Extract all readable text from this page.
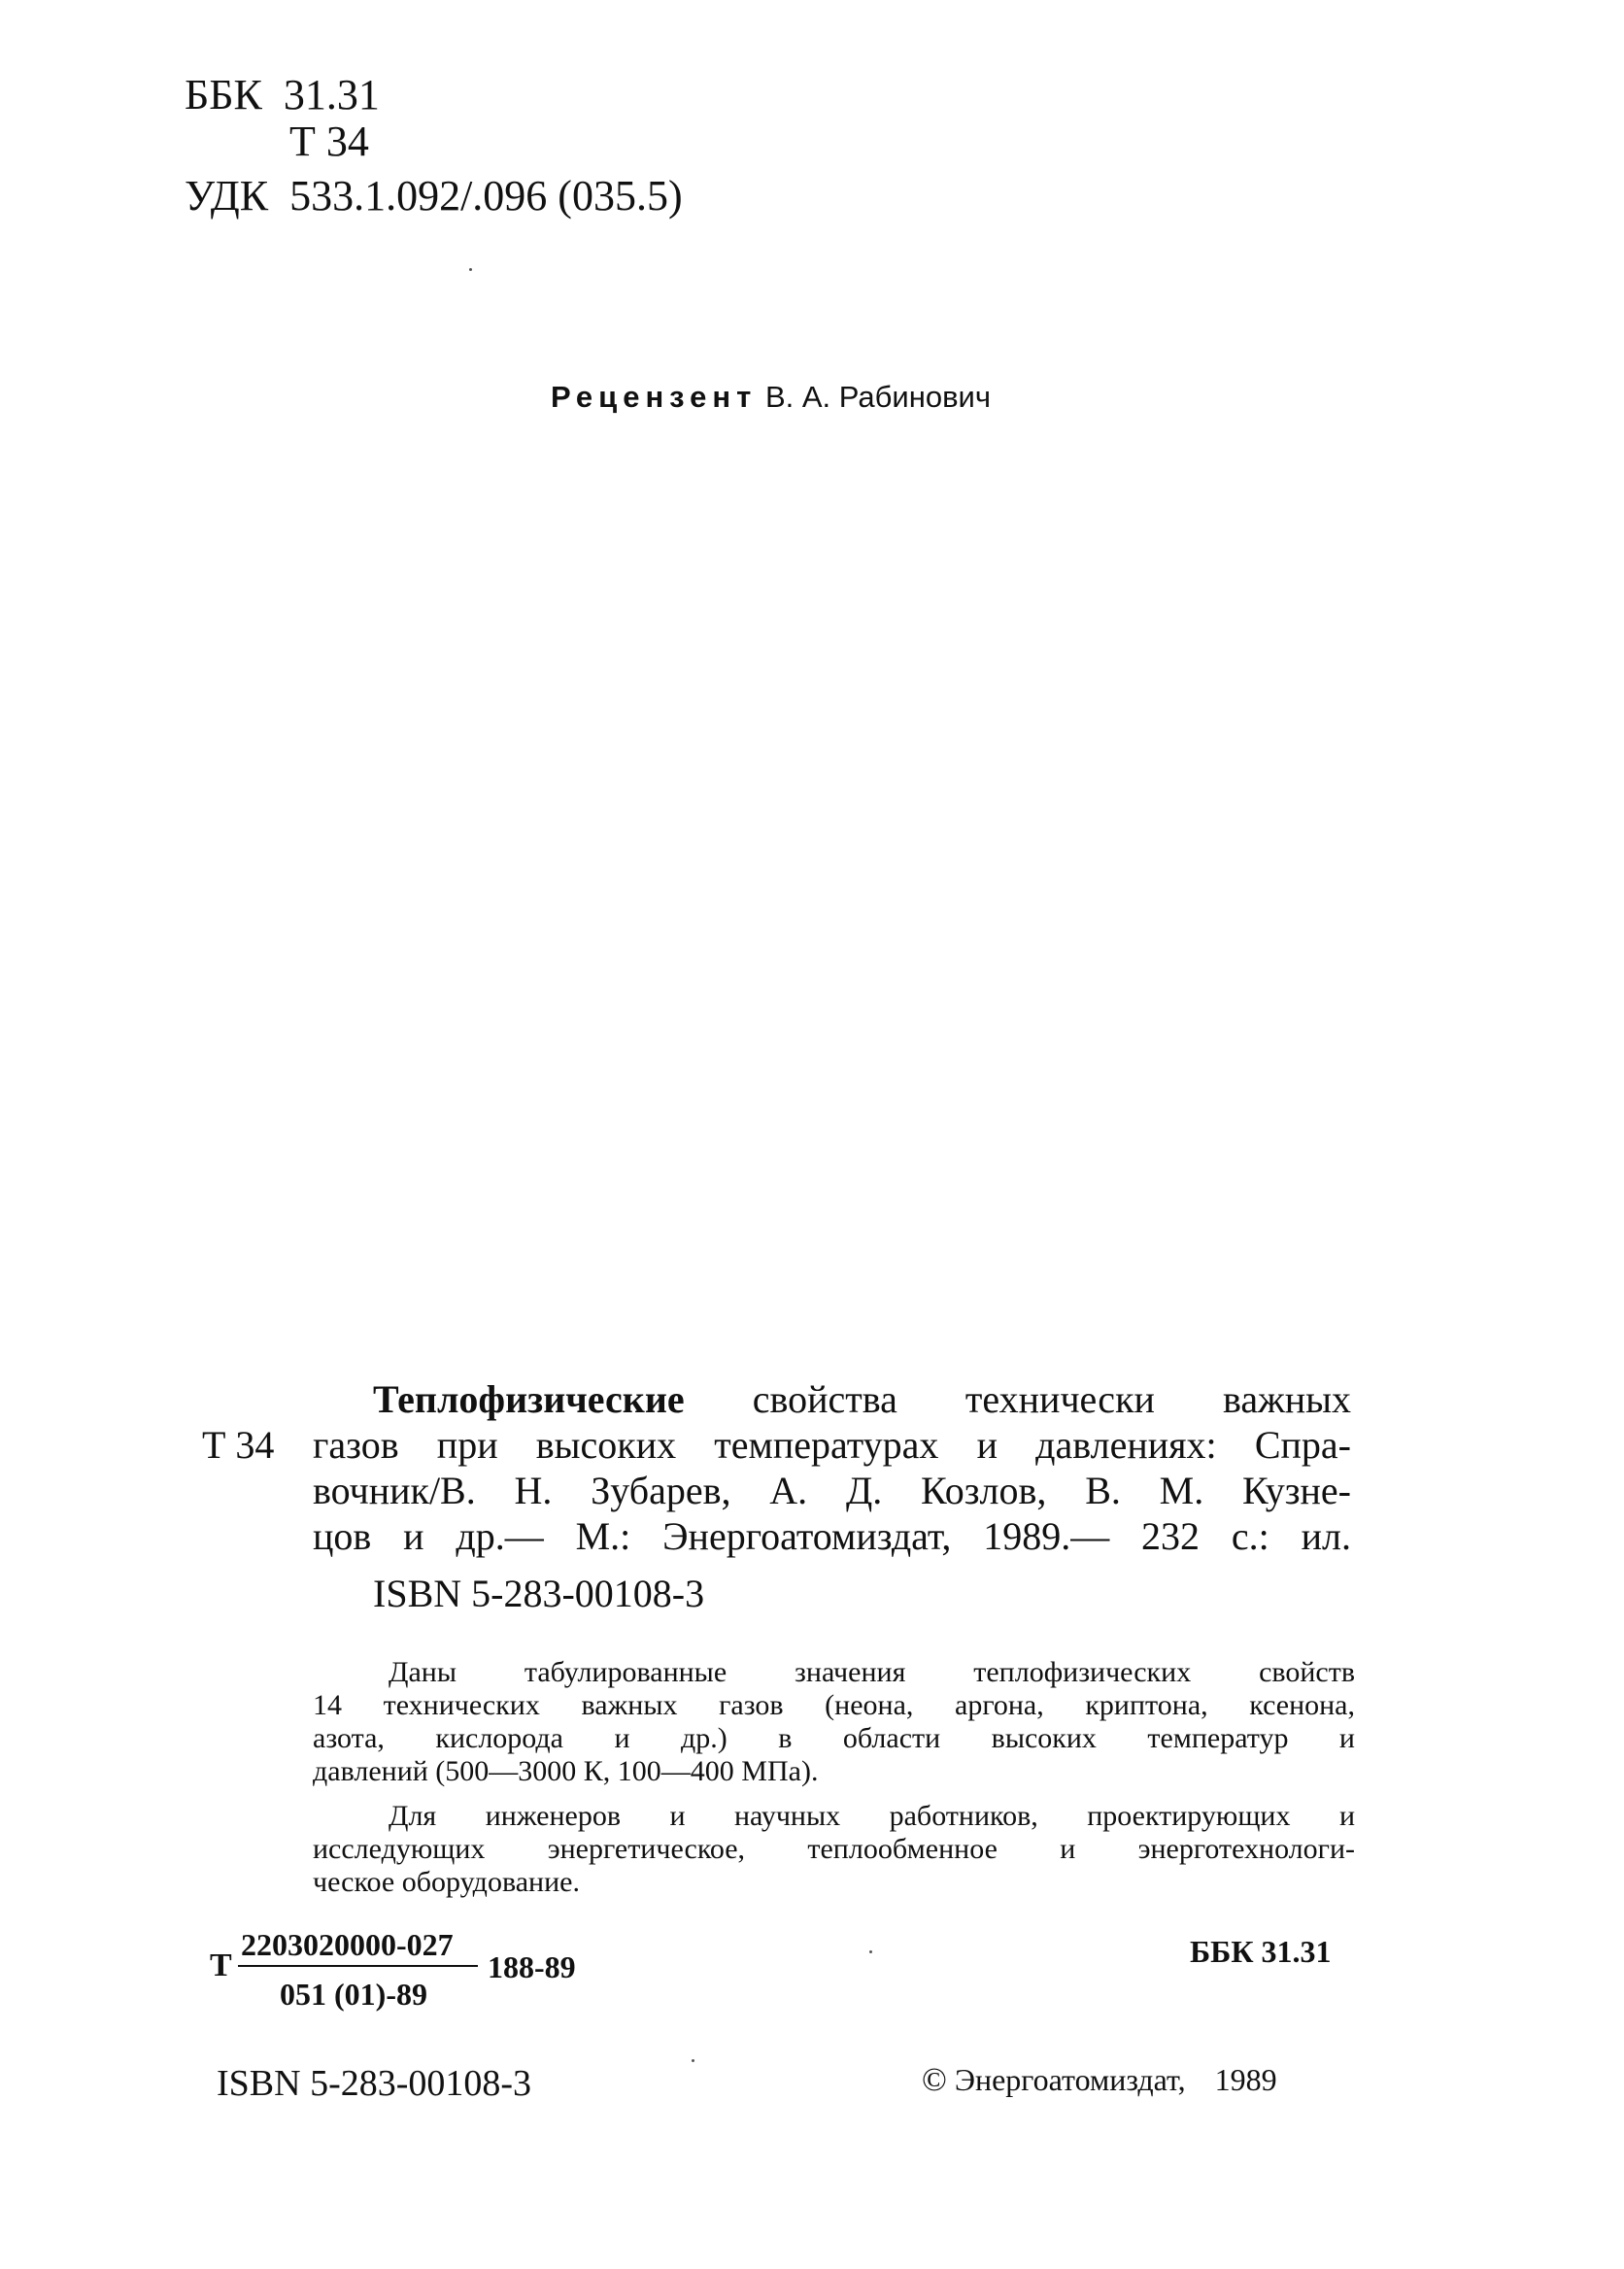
ББК 31.31
Т 34
УДК 533.1.092/.096 (035.5)
Рецензент В. А. Рабинович
Т 34
Теплофизические свойства технически важных
газов при высоких температурах и давлениях: Спра-
вочник/В. Н. Зубарев, А. Д. Козлов, В. М. Кузне-
цов и др.— М.: Энергоатомиздат, 1989.— 232 с.: ил.
ISBN 5-283-00108-3
Даны табулированные значения теплофизических свойств
14 технических важных газов (неона, аргона, криптона, ксенона,
азота, кислорода и др.) в области высоких температур и
давлений (500—3000 К, 100—400 МПа).
Для инженеров и научных работников, проектирующих и
исследующих энергетическое, теплообменное и энерготехнологи-
ческое оборудование.
Т
2203020000-027
051 (01)-89
188-89	ББК 31.31
ISBN 5-283-00108-3	© Энергоатомиздат, 1989
